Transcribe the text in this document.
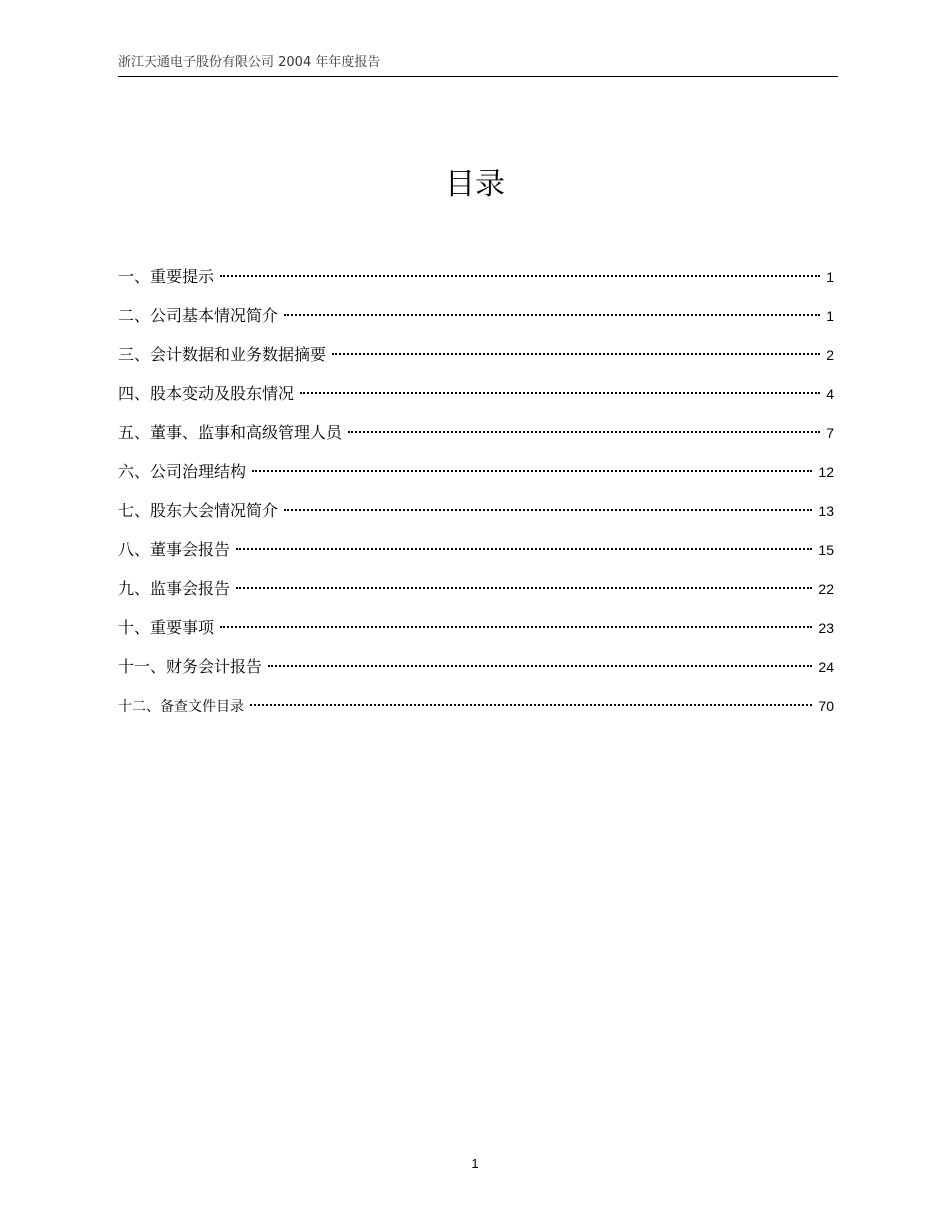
浙江天通电子股份有限公司 2004 年年度报告
目录
一、重要提示	1
二、公司基本情况简介	1
三、会计数据和业务数据摘要	2
四、股本变动及股东情况	4
五、董事、监事和高级管理人员	7
六、公司治理结构	12
七、股东大会情况简介	13
八、董事会报告	15
九、监事会报告	22
十、重要事项	23
十一、财务会计报告	24
十二、备查文件目录	70
1
